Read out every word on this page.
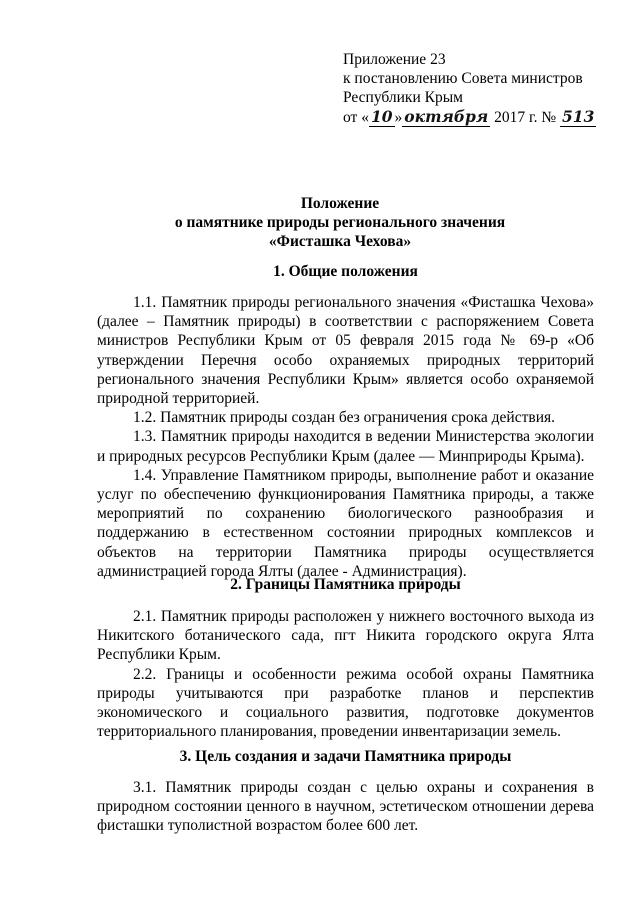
Приложение 23
к постановлению Совета министров
Республики Крым
от « 10 » октября 2017 г. № 513
Положение
о памятнике природы регионального значения
«Фисташка Чехова»
1. Общие положения

1.1. Памятник природы регионального значения «Фисташка Чехова» (далее – Памятник природы) в соответствии с распоряжением Совета министров Республики Крым от 05 февраля 2015 года № 69-р «Об утверждении Перечня особо охраняемых природных территорий регионального значения Республики Крым» является особо охраняемой природной территорией.

1.2. Памятник природы создан без ограничения срока действия.

1.3. Памятник природы находится в ведении Министерства экологии и природных ресурсов Республики Крым (далее — Минприроды Крыма).

1.4. Управление Памятником природы, выполнение работ и оказание услуг по обеспечению функционирования Памятника природы, а также мероприятий по сохранению биологического разнообразия и поддержанию в естественном состоянии природных комплексов и объектов на территории Памятника природы осуществляется администрацией города Ялты (далее - Администрация).

2. Границы Памятника природы

2.1. Памятник природы расположен у нижнего восточного выхода из Никитского ботанического сада, пгт Никита городского округа Ялта Республики Крым.

2.2. Границы и особенности режима особой охраны Памятника природы учитываются при разработке планов и перспектив экономического и социального развития, подготовке документов территориального планирования, проведении инвентаризации земель.

3. Цель создания и задачи Памятника природы

3.1. Памятник природы создан с целью охраны и сохранения в природном состоянии ценного в научном, эстетическом отношении дерева фисташки туполистной возрастом более 600 лет.
